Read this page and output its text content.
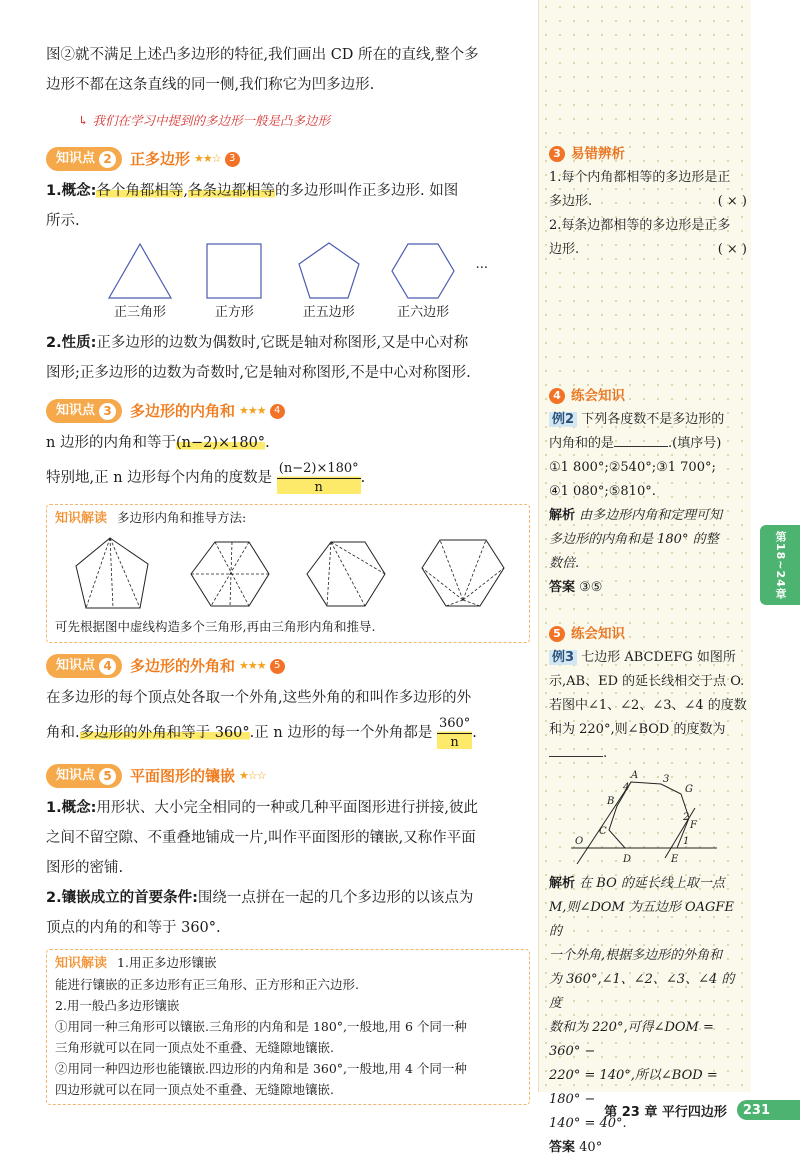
图②就不满足上述凸多边形的特征,我们画出 CD 所在的直线,整个多

边形不都在这条直线的同一侧,我们称它为凹多边形.

↳ 我们在学习中提到的多边形一般是凸多边形

知识点 2 正多边形 ★★☆ 3

1.概念:各个角都相等,各条边都相等的多边形叫作正多边形. 如图

所示.

正三角形	正方形	正五边形	正六边形
...

2.性质:正多边形的边数为偶数时,它既是轴对称图形,又是中心对称

图形;正多边形的边数为奇数时,它是轴对称图形,不是中心对称图形.

知识点 3 多边形的内角和 ★★★ 4

n 边形的内角和等于(n−2)×180°.

特别地,正 n 边形每个内角的度数是 $\frac{(n-2)\times 180^\circ}{n}$ .

知识解读 多边形内角和推导方法:
可先根据图中虚线构造多个三角形,再由三角形内角和推导.
知识点 4 多边形的外角和 ★★★ 5

在多边形的每个顶点处各取一个外角,这些外角的和叫作多边形的外

角和.多边形的外角和等于 360°.正 n 边形的每一个外角都是 $\frac{360^\circ}{n}$ .

知识点 5 平面图形的镶嵌 ★☆☆

1.概念:用形状、大小完全相同的一种或几种平面图形进行拼接,彼此

之间不留空隙、不重叠地铺成一片,叫作平面图形的镶嵌,又称作平面

图形的密铺.

2.镶嵌成立的首要条件:围绕一点拼在一起的几个多边形的以该点为

顶点的内角的和等于 360°.

知识解读 1.用正多边形镶嵌
能进行镶嵌的正多边形有正三角形、正方形和正六边形.
2.用一般凸多边形镶嵌
①用同一种三角形可以镶嵌.三角形的内角和是 180°,一般地,用 6 个同一种
三角形就可以在同一顶点处不重叠、无缝隙地镶嵌.
②用同一种四边形也能镶嵌.四边形的内角和是 360°,一般地,用 4 个同一种
四边形就可以在同一顶点处不重叠、无缝隙地镶嵌.
3 易错辨析
1.每个内角都相等的多边形是正
多边形.	( × )
2.每条边都相等的多边形是正多
边形.	( × )
4 练会知识
例2 下列各度数不是多边形的
内角和的是	.(填序号)
①1 800°;②540°;③1 700°;
④1 080°;⑤810°.
解析 由多边形内角和定理可知
多边形的内角和是 180° 的整
数倍.
答案 ③⑤
5 练会知识
例3 七边形 ABCDEFG 如图所
示,AB、ED 的延长线相交于点 O.
若图中∠1、∠2、∠3、∠4 的度数
和为 220°,则∠BOD 的度数为
.
A
B
C
D	E
F
G
O	1
2
3
4
解析 在 BO 的延长线上取一点
M,则∠DOM 为五边形 OAGFE 的
一个外角,根据多边形的外角和
为 360°,∠1、∠2、∠3、∠4 的度
数和为 220°,可得∠DOM = 360° −
220° = 140°,所以∠BOD = 180° −
140° = 40°.
答案 40°
第18~24章
第 23 章 平行四边形	231
